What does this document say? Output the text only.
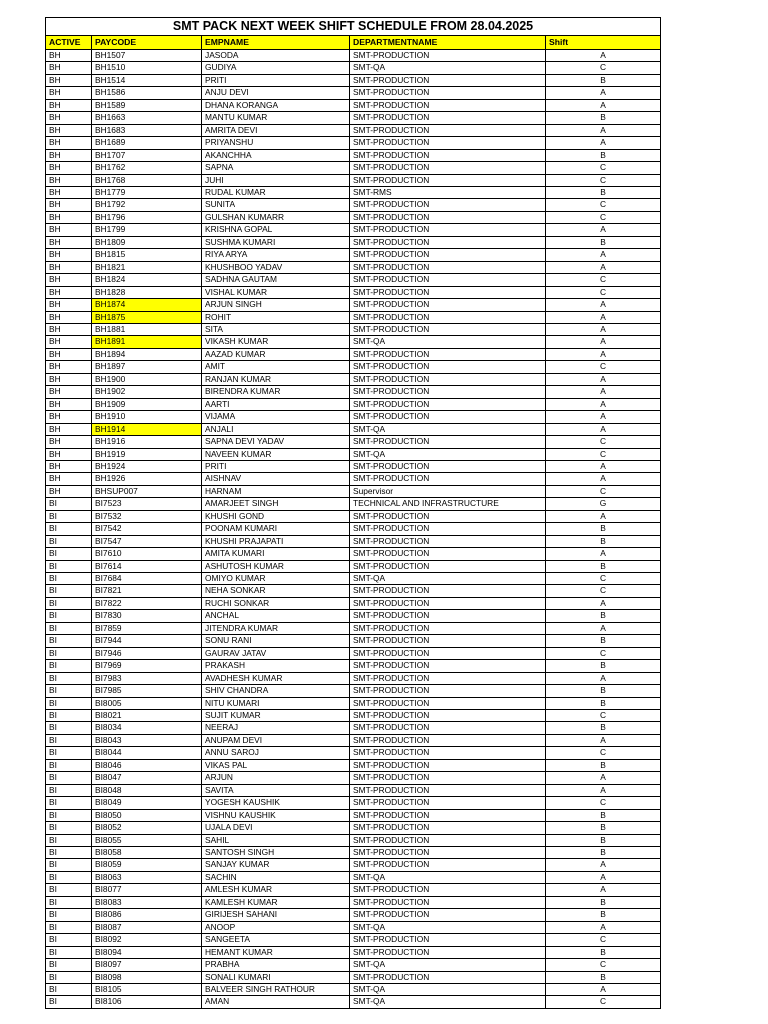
SMT PACK NEXT WEEK SHIFT SCHEDULE FROM 28.04.2025				
ACTIVE	PAYCODE	EMPNAME	DEPARTMENTNAME	Shift
BH	BH1507	JASODA	SMT-PRODUCTION	A
BH	BH1510	GUDIYA	SMT-QA	C
BH	BH1514	PRITI	SMT-PRODUCTION	B
BH	BH1586	ANJU DEVI	SMT-PRODUCTION	A
BH	BH1589	DHANA KORANGA	SMT-PRODUCTION	A
BH	BH1663	MANTU KUMAR	SMT-PRODUCTION	B
BH	BH1683	AMRITA DEVI	SMT-PRODUCTION	A
BH	BH1689	PRIYANSHU	SMT-PRODUCTION	A
BH	BH1707	AKANCHHA	SMT-PRODUCTION	B
BH	BH1762	SAPNA	SMT-PRODUCTION	C
BH	BH1768	JUHI	SMT-PRODUCTION	C
BH	BH1779	RUDAL KUMAR	SMT-RMS	B
BH	BH1792	SUNITA	SMT-PRODUCTION	C
BH	BH1796	GULSHAN KUMARR	SMT-PRODUCTION	C
BH	BH1799	KRISHNA GOPAL	SMT-PRODUCTION	A
BH	BH1809	SUSHMA KUMARI	SMT-PRODUCTION	B
BH	BH1815	RIYA ARYA	SMT-PRODUCTION	A
BH	BH1821	KHUSHBOO YADAV	SMT-PRODUCTION	A
BH	BH1824	SADHNA GAUTAM	SMT-PRODUCTION	C
BH	BH1828	VISHAL KUMAR	SMT-PRODUCTION	C
BH	BH1874	ARJUN SINGH	SMT-PRODUCTION	A
BH	BH1875	ROHIT	SMT-PRODUCTION	A
BH	BH1881	SITA	SMT-PRODUCTION	A
BH	BH1891	VIKASH KUMAR	SMT-QA	A
BH	BH1894	AAZAD KUMAR	SMT-PRODUCTION	A
BH	BH1897	AMIT	SMT-PRODUCTION	C
BH	BH1900	RANJAN KUMAR	SMT-PRODUCTION	A
BH	BH1902	BIRENDRA KUMAR	SMT-PRODUCTION	A
BH	BH1909	AARTI	SMT-PRODUCTION	A
BH	BH1910	VIJAMA	SMT-PRODUCTION	A
BH	BH1914	ANJALI	SMT-QA	A
BH	BH1916	SAPNA DEVI YADAV	SMT-PRODUCTION	C
BH	BH1919	NAVEEN KUMAR	SMT-QA	C
BH	BH1924	PRITI	SMT-PRODUCTION	A
BH	BH1926	AISHNAV	SMT-PRODUCTION	A
BH	BHSUP007	HARNAM	Supervisor	C
BI	BI7523	AMARJEET SINGH	TECHNICAL AND INFRASTRUCTURE	G
BI	BI7532	KHUSHI GOND	SMT-PRODUCTION	A
BI	BI7542	POONAM KUMARI	SMT-PRODUCTION	B
BI	BI7547	KHUSHI PRAJAPATI	SMT-PRODUCTION	B
BI	BI7610	AMITA KUMARI	SMT-PRODUCTION	A
BI	BI7614	ASHUTOSH KUMAR	SMT-PRODUCTION	B
BI	BI7684	OMIYO KUMAR	SMT-QA	C
BI	BI7821	NEHA SONKAR	SMT-PRODUCTION	C
BI	BI7822	RUCHI SONKAR	SMT-PRODUCTION	A
BI	BI7830	ANCHAL	SMT-PRODUCTION	B
BI	BI7859	JITENDRA KUMAR	SMT-PRODUCTION	A
BI	BI7944	SONU RANI	SMT-PRODUCTION	B
BI	BI7946	GAURAV JATAV	SMT-PRODUCTION	C
BI	BI7969	PRAKASH	SMT-PRODUCTION	B
BI	BI7983	AVADHESH KUMAR	SMT-PRODUCTION	A
BI	BI7985	SHIV CHANDRA	SMT-PRODUCTION	B
BI	BI8005	NITU KUMARI	SMT-PRODUCTION	B
BI	BI8021	SUJIT KUMAR	SMT-PRODUCTION	C
BI	BI8034	NEERAJ	SMT-PRODUCTION	B
BI	BI8043	ANUPAM DEVI	SMT-PRODUCTION	A
BI	BI8044	ANNU SAROJ	SMT-PRODUCTION	C
BI	BI8046	VIKAS PAL	SMT-PRODUCTION	B
BI	BI8047	ARJUN	SMT-PRODUCTION	A
BI	BI8048	SAVITA	SMT-PRODUCTION	A
BI	BI8049	YOGESH KAUSHIK	SMT-PRODUCTION	C
BI	BI8050	VISHNU KAUSHIK	SMT-PRODUCTION	B
BI	BI8052	UJALA DEVI	SMT-PRODUCTION	B
BI	BI8055	SAHIL	SMT-PRODUCTION	B
BI	BI8058	SANTOSH SINGH	SMT-PRODUCTION	B
BI	BI8059	SANJAY KUMAR	SMT-PRODUCTION	A
BI	BI8063	SACHIN	SMT-QA	A
BI	BI8077	AMLESH KUMAR	SMT-PRODUCTION	A
BI	BI8083	KAMLESH KUMAR	SMT-PRODUCTION	B
BI	BI8086	GIRIJESH SAHANI	SMT-PRODUCTION	B
BI	BI8087	ANOOP	SMT-QA	A
BI	BI8092	SANGEETA	SMT-PRODUCTION	C
BI	BI8094	HEMANT KUMAR	SMT-PRODUCTION	B
BI	BI8097	PRABHA	SMT-QA	C
BI	BI8098	SONALI KUMARI	SMT-PRODUCTION	B
BI	BI8105	BALVEER SINGH RATHOUR	SMT-QA	A
BI	BI8106	AMAN	SMT-QA	C
